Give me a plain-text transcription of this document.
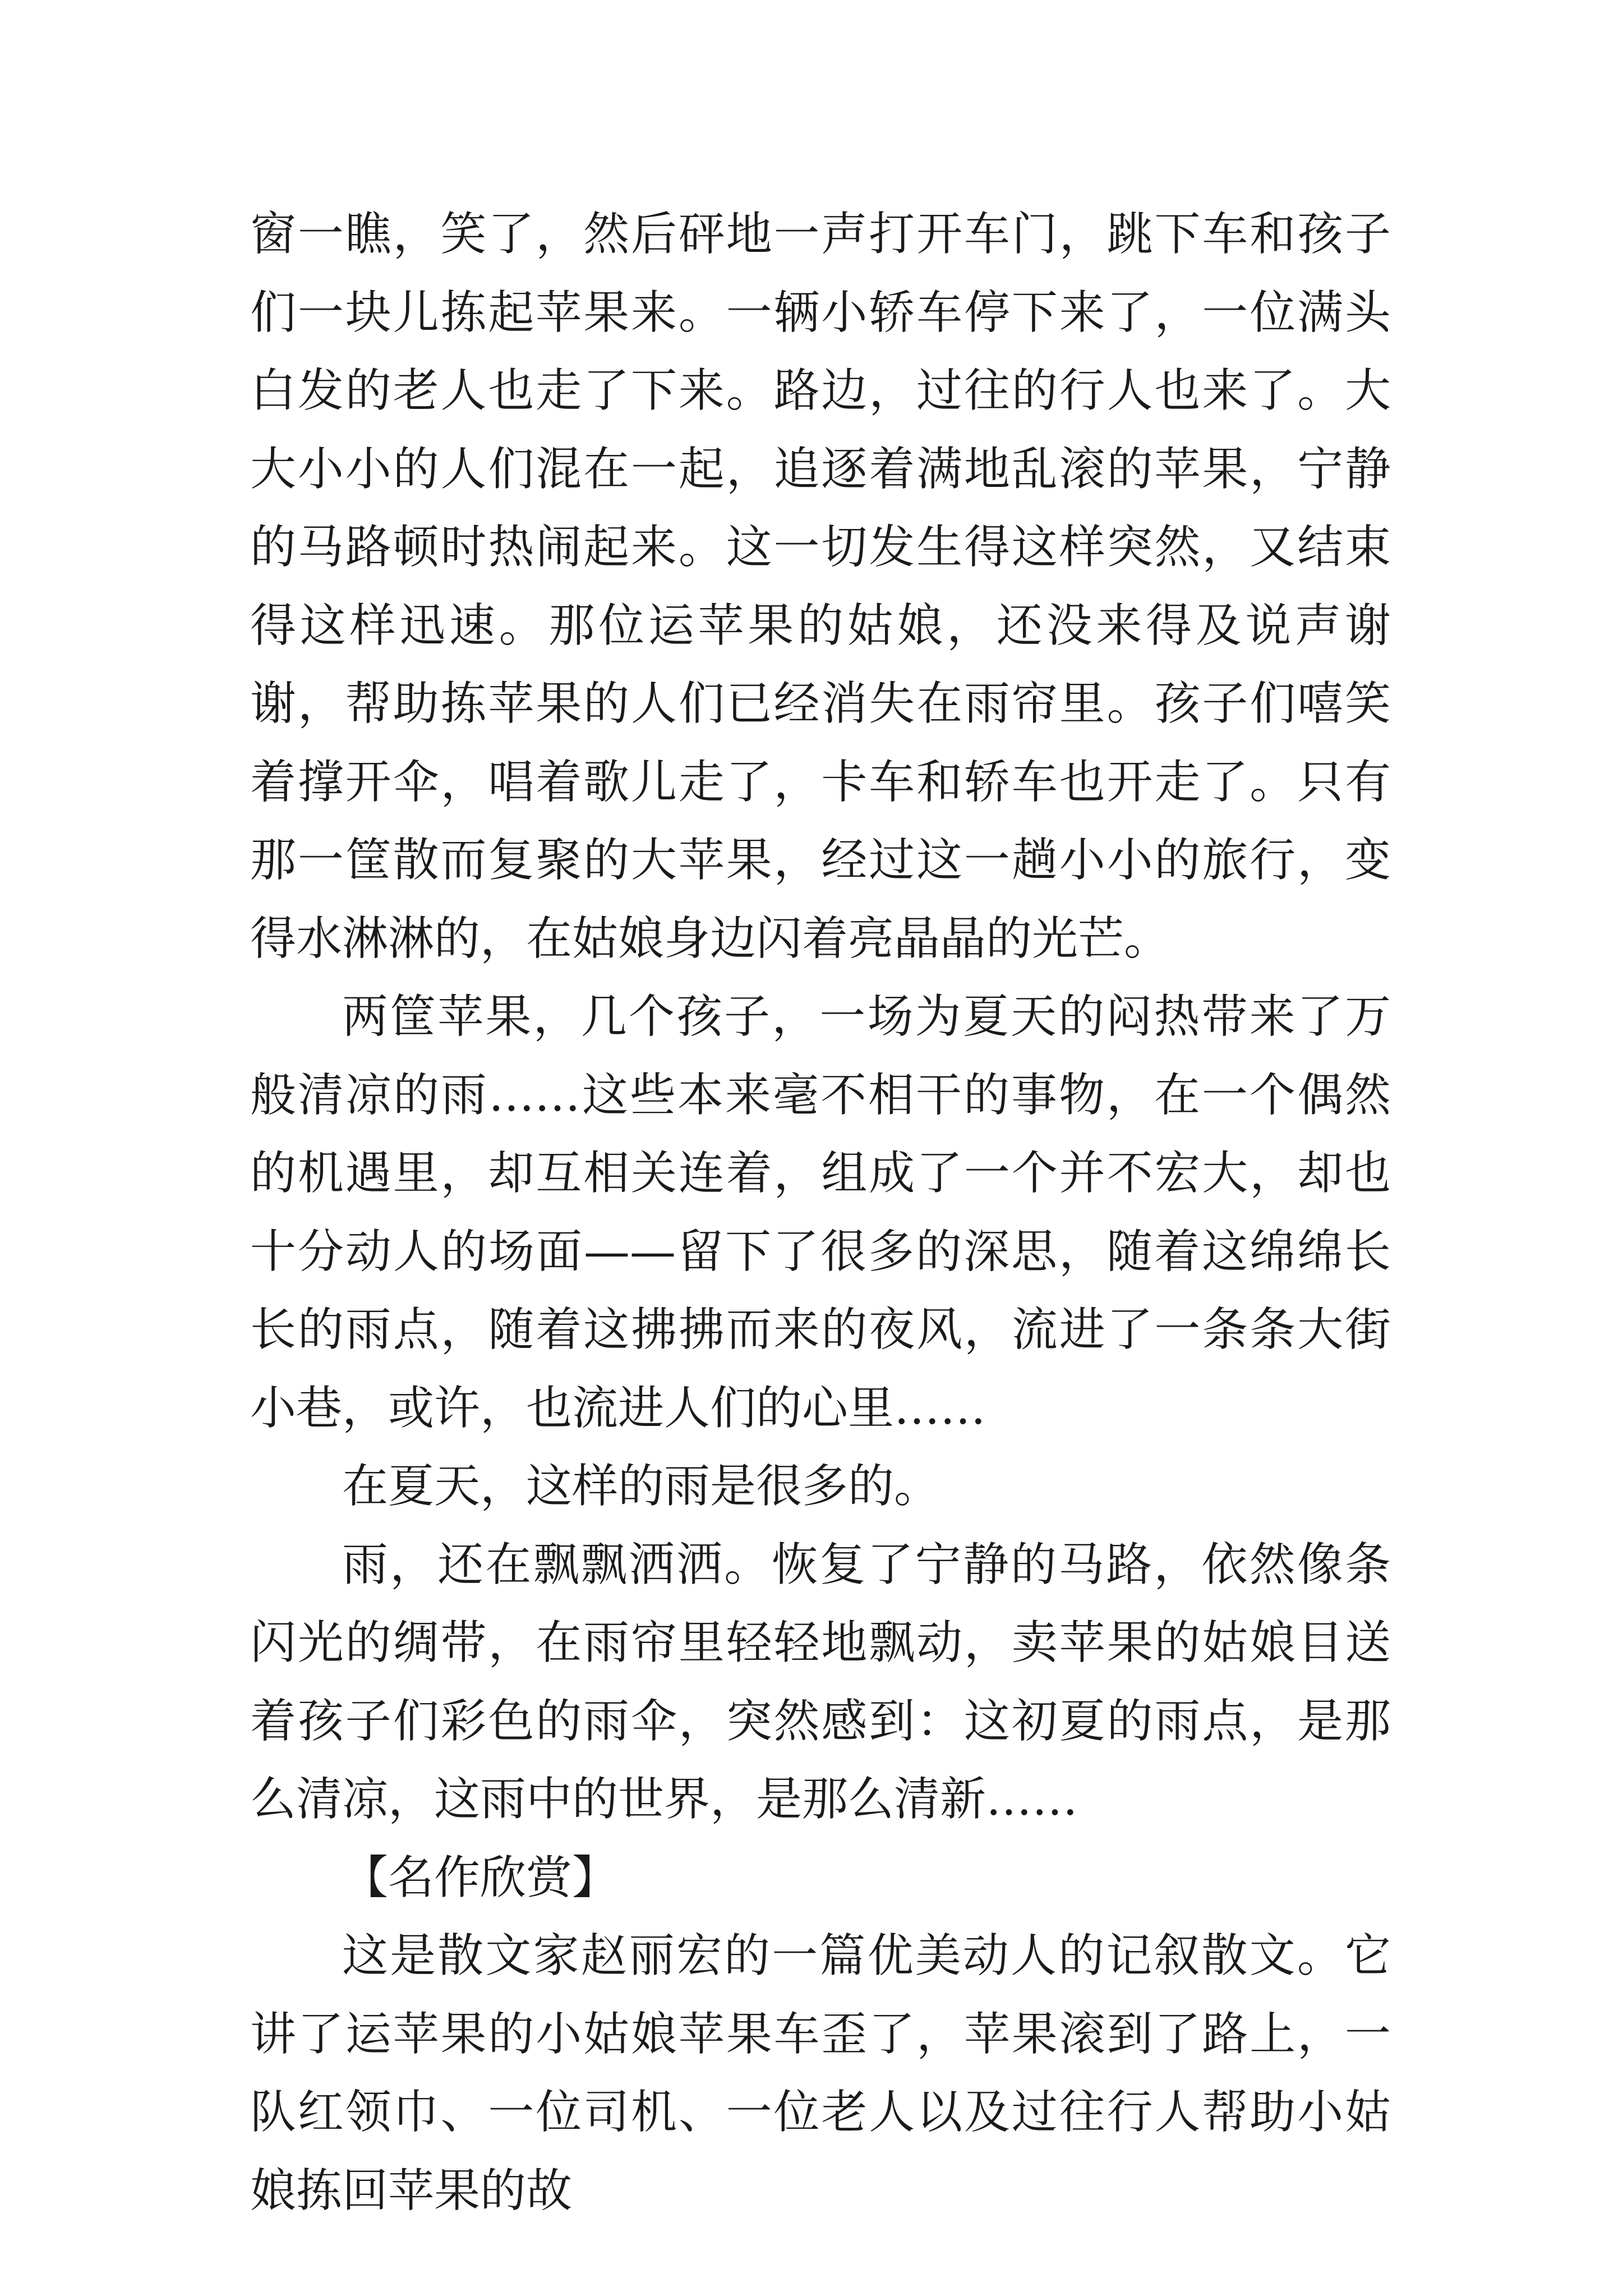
窗一瞧，笑了，然后砰地一声打开车门，跳下车和孩子们一块儿拣起苹果来。一辆小轿车停下来了，一位满头白发的老人也走了下来。路边，过往的行人也来了。大大小小的人们混在一起，追逐着满地乱滚的苹果，宁静的马路顿时热闹起来。这一切发生得这样突然，又结束得这样迅速。那位运苹果的姑娘，还没来得及说声谢谢，帮助拣苹果的人们已经消失在雨帘里。孩子们嘻笑着撑开伞，唱着歌儿走了，卡车和轿车也开走了。只有那一筐散而复聚的大苹果，经过这一趟小小的旅行，变得水淋淋的，在姑娘身边闪着亮晶晶的光芒。

两筐苹果，几个孩子，一场为夏天的闷热带来了万般清凉的雨……这些本来毫不相干的事物，在一个偶然的机遇里，却互相关连着，组成了一个并不宏大，却也十分动人的场面——留下了很多的深思，随着这绵绵长长的雨点，随着这拂拂而来的夜风，流进了一条条大街小巷，或许，也流进人们的心里……

在夏天，这样的雨是很多的。

雨，还在飘飘洒洒。恢复了宁静的马路，依然像条闪光的绸带，在雨帘里轻轻地飘动，卖苹果的姑娘目送着孩子们彩色的雨伞，突然感到：这初夏的雨点，是那么清凉，这雨中的世界，是那么清新……

【名作欣赏】

这是散文家赵丽宏的一篇优美动人的记叙散文。它讲了运苹果的小姑娘苹果车歪了，苹果滚到了路上，一队红领巾、一位司机、一位老人以及过往行人帮助小姑娘拣回苹果的故
